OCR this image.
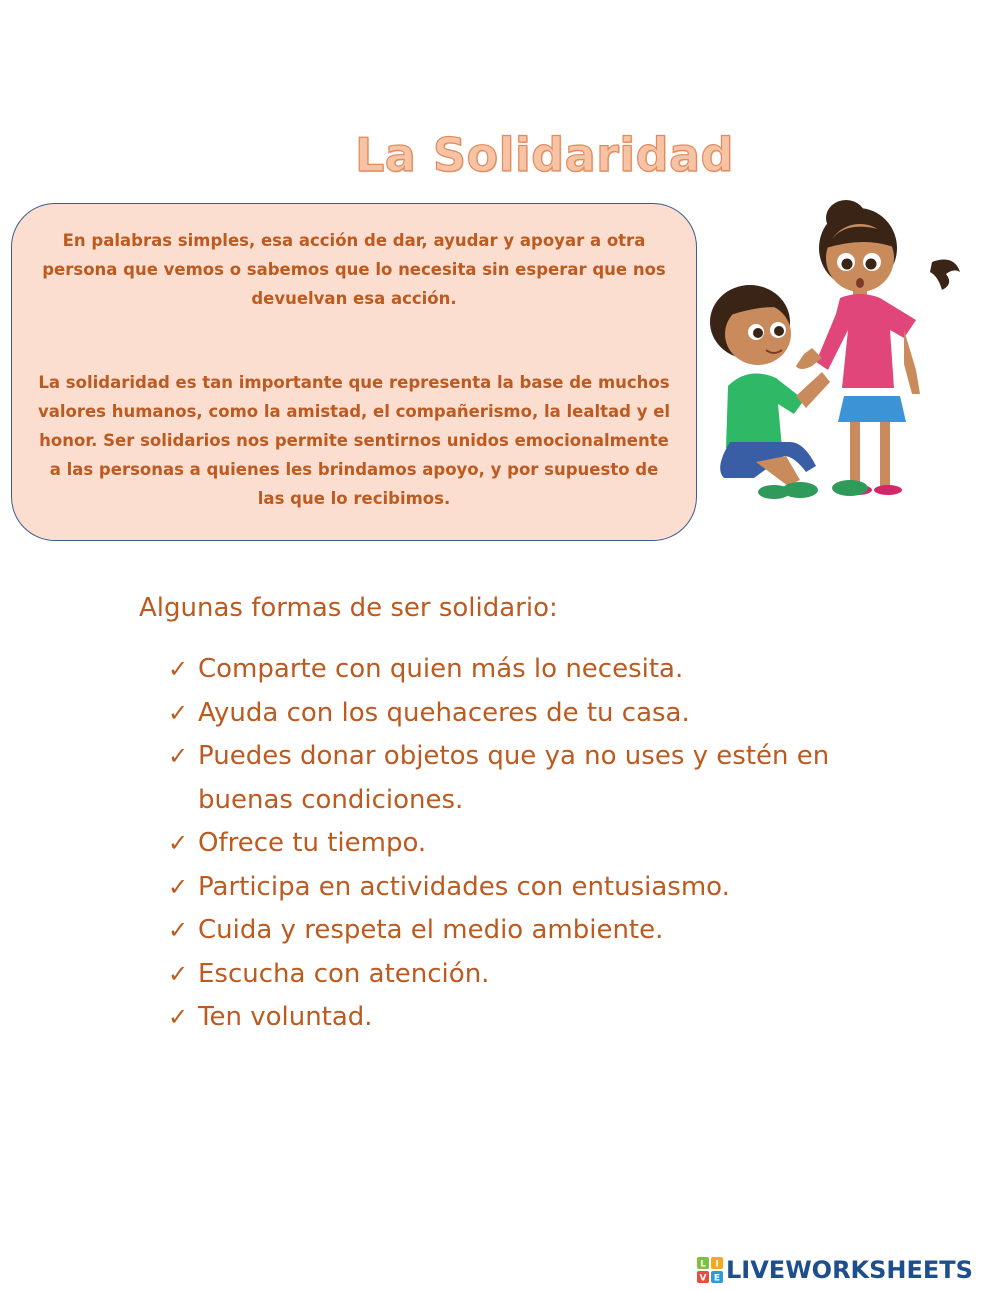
La Solidaridad

En palabras simples, esa acción de dar, ayudar y apoyar a otra persona que vemos o sabemos que lo necesita sin esperar que nos devuelvan esa acción.

La solidaridad es tan importante que representa la base de muchos valores humanos, como la amistad, el compañerismo, la lealtad y el honor. Ser solidarios nos permite sentirnos unidos emocionalmente a las personas a quienes les brindamos apoyo, y por supuesto de las que lo recibimos.

Algunas formas de ser solidario:
✓ Comparte con quien más lo necesita.
✓ Ayuda con los quehaceres de tu casa.
✓ Puedes donar objetos que ya no uses y estén en buenas condiciones.
✓ Ofrece tu tiempo.
✓ Participa en actividades con entusiasmo.
✓ Cuida y respeta el medio ambiente.
✓ Escucha con atención.
✓ Ten voluntad.
L I
V E LIVEWORKSHEETS
